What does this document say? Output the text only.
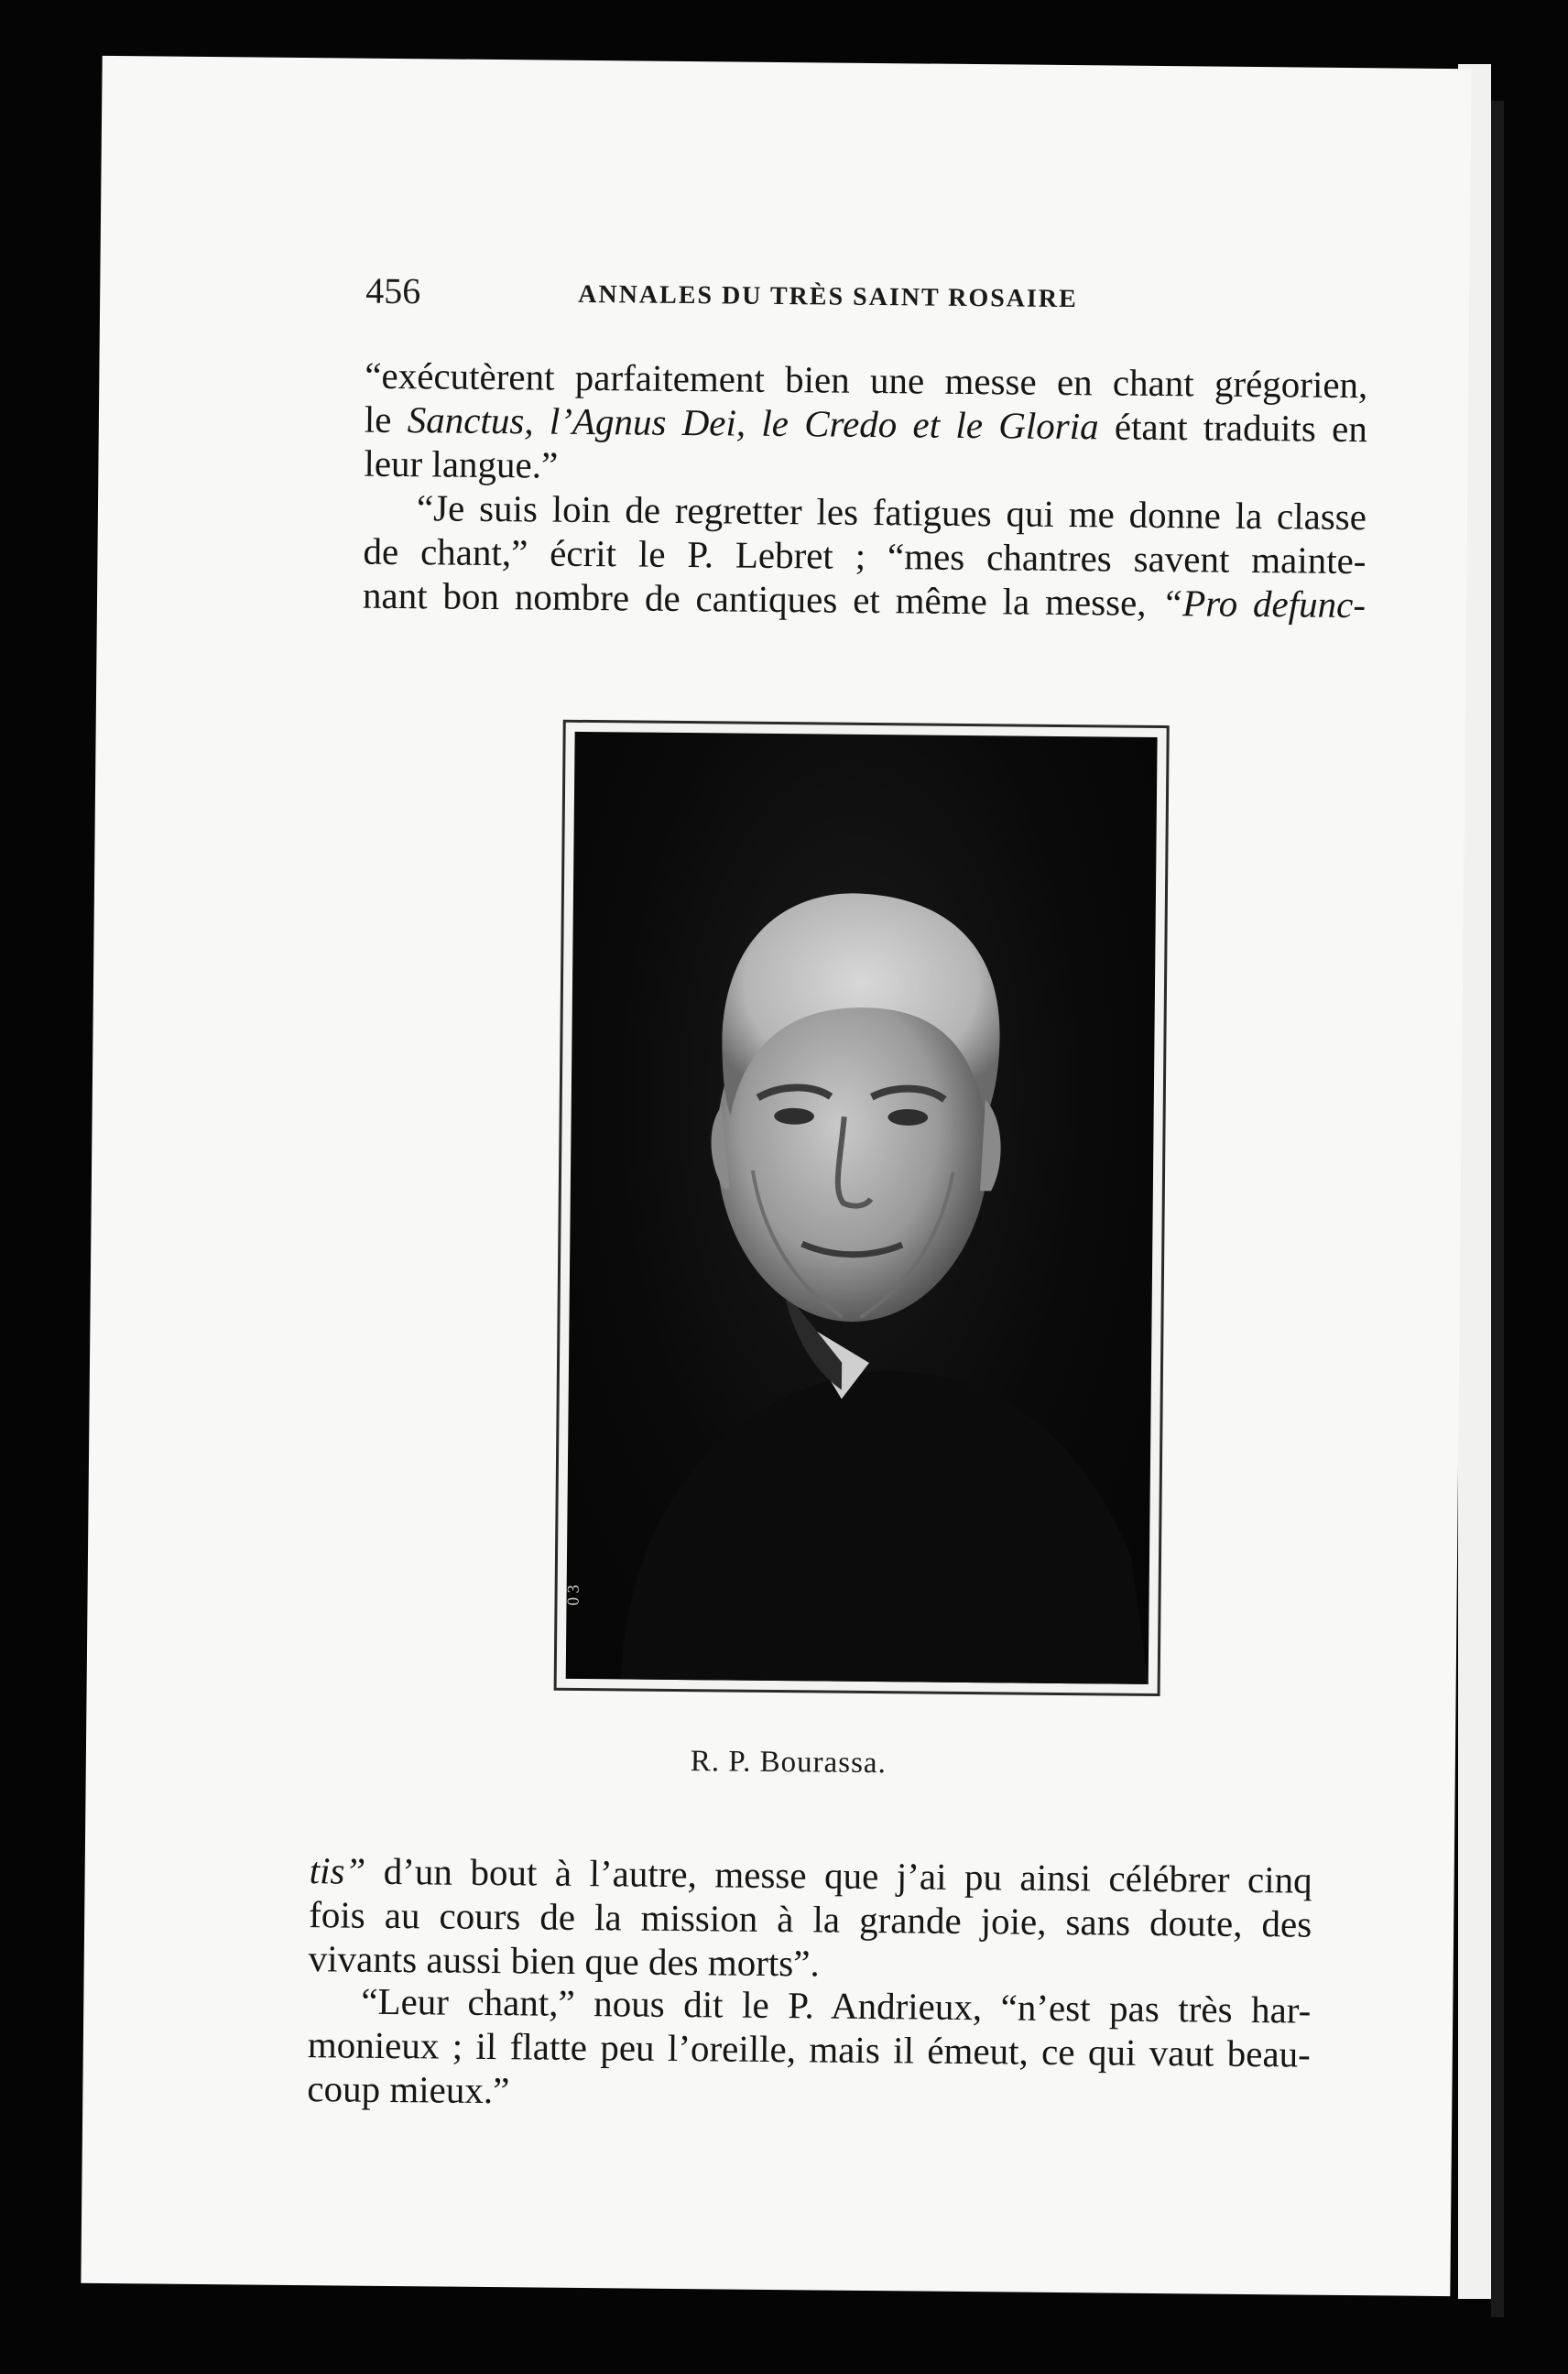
456	ANNALES DU TRÈS SAINT ROSAIRE

“exécutèrent parfaitement bien une messe en chant grégorien,
le Sanctus, l’Agnus Dei, le Credo et le Gloria étant traduits en
leur langue.”

“Je suis loin de regretter les fatigues qui me donne la classe
de chant,” écrit le P. Lebret ; “mes chantres savent mainte-
nant bon nombre de cantiques et même la messe, “Pro defunc-

0 3
R. P. Bourassa.

tis” d’un bout à l’autre, messe que j’ai pu ainsi célébrer cinq
fois au cours de la mission à la grande joie, sans doute, des
vivants aussi bien que des morts”.

“Leur chant,” nous dit le P. Andrieux, “n’est pas très har-
monieux ; il flatte peu l’oreille, mais il émeut, ce qui vaut beau-
coup mieux.”
